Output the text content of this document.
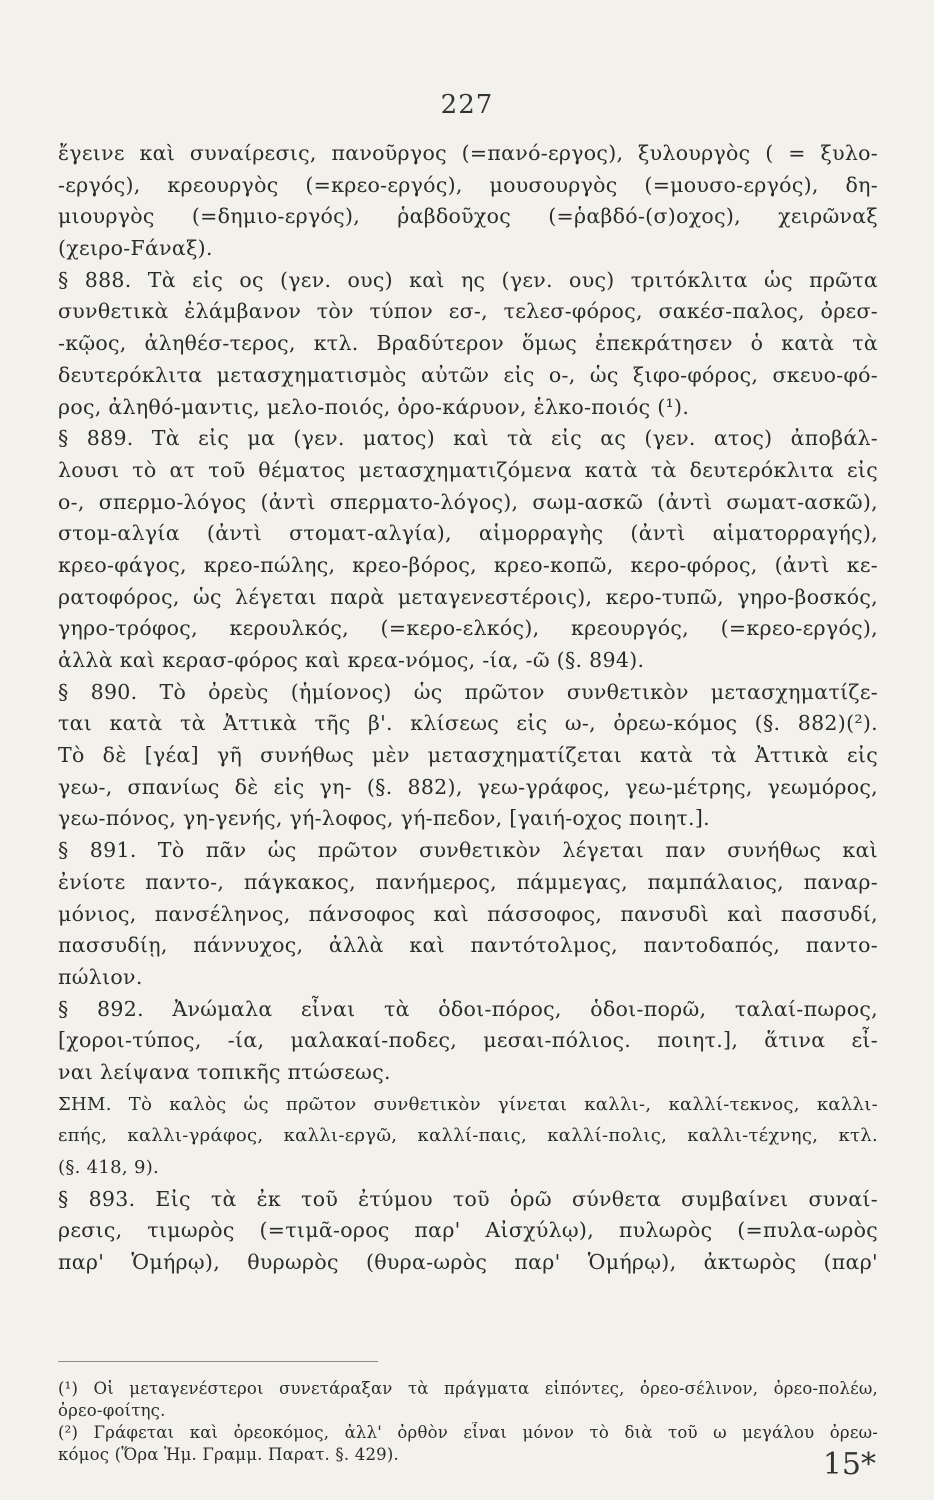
227
ἔγεινε καὶ συναίρεσις, πανοῦργος (=πανό-εργος), ξυλουργὸς ( = ξυλο-
-εργός), κρεουργὸς (=κρεο-εργός), μουσουργὸς (=μουσο-εργός), δη-
μιουργὸς (=δημιο-εργός), ῥαβδοῦχος (=ῥαβδό-(σ)οχος), χειρῶναξ
(χειρο-Fάναξ).
§ 888. Τὰ εἰς ος (γεν. ους) καὶ ης (γεν. ους) τριτόκλιτα ὡς πρῶτα
συνθετικὰ ἐλάμβανον τὸν τύπον εσ-, τελεσ-φόρος, σακέσ-παλος, ὀρεσ-
-κῷος, ἀληθέσ-τερος, κτλ. Βραδύτερον ὅμως ἐπεκράτησεν ὁ κατὰ τὰ
δευτερόκλιτα μετασχηματισμὸς αὐτῶν εἰς ο-, ὡς ξιφο-φόρος, σκευο-φό-
ρος, ἀληθό-μαντις, μελο-ποιός, ὀρο-κάρυον, ἑλκο-ποιός (¹).
§ 889. Τὰ εἰς μα (γεν. ματος) καὶ τὰ εἰς ας (γεν. ατος) ἀποβάλ-
λουσι τὸ ατ τοῦ θέματος μετασχηματιζόμενα κατὰ τὰ δευτερόκλιτα εἰς
ο-, σπερμο-λόγος (ἀντὶ σπερματο-λόγος), σωμ-ασκῶ (ἀντὶ σωματ-ασκῶ),
στομ-αλγία (ἀντὶ στοματ-αλγία), αἱμορραγὴς (ἀντὶ αἱματορραγής),
κρεο-φάγος, κρεο-πώλης, κρεο-βόρος, κρεο-κοπῶ, κερο-φόρος, (ἀντὶ κε-
ρατοφόρος, ὡς λέγεται παρὰ μεταγενεστέροις), κερο-τυπῶ, γηρο-βοσκός,
γηρο-τρόφος, κερουλκός, (=κερο-ελκός), κρεουργός, (=κρεο-εργός),
ἀλλὰ καὶ κερασ-φόρος καὶ κρεα-νόμος, -ία, -ῶ (§. 894).
§ 890. Τὸ ὀρεὺς (ἡμίονος) ὡς πρῶτον συνθετικὸν μετασχηματίζε-
ται κατὰ τὰ Ἀττικὰ τῆς β'. κλίσεως εἰς ω-, ὀρεω-κόμος (§. 882)(²).
Τὸ δὲ [γέα] γῆ συνήθως μὲν μετασχηματίζεται κατὰ τὰ Ἀττικὰ εἰς
γεω-, σπανίως δὲ εἰς γη- (§. 882), γεω-γράφος, γεω-μέτρης, γεωμόρος,
γεω-πόνος, γη-γενής, γή-λοφος, γή-πεδον, [γαιή-οχος ποιητ.].
§ 891. Τὸ πᾶν ὡς πρῶτον συνθετικὸν λέγεται παν συνήθως καὶ
ἐνίοτε παντο-, πάγκακος, πανήμερος, πάμμεγας, παμπάλαιος, παναρ-
μόνιος, πανσέληνος, πάνσοφος καὶ πάσσοφος, πανσυδὶ καὶ πασσυδί,
πασσυδίῃ, πάννυχος, ἀλλὰ καὶ παντότολμος, παντοδαπός, παντο-
πώλιον.
§ 892. Ἀνώμαλα εἶναι τὰ ὁδοι-πόρος, ὁδοι-πορῶ, ταλαί-πωρος,
[χοροι-τύπος, -ία, μαλακαί-ποδες, μεσαι-πόλιος. ποιητ.], ἅτινα εἶ-
ναι λείψανα τοπικῆς πτώσεως.
ΣΗΜ. Τὸ καλὸς ὡς πρῶτον συνθετικὸν γίνεται καλλι-, καλλί-τεκνος, καλλι-
επής, καλλι-γράφος, καλλι-εργῶ, καλλί-παις, καλλί-πολις, καλλι-τέχνης, κτλ.
(§. 418, 9).
§ 893. Εἰς τὰ ἐκ τοῦ ἐτύμου τοῦ ὁρῶ σύνθετα συμβαίνει συναί-
ρεσις, τιμωρὸς (=τιμᾶ-ορος παρ' Αἰσχύλῳ), πυλωρὸς (=πυλα-ωρὸς
παρ' Ὁμήρῳ), θυρωρὸς (θυρα-ωρὸς παρ' Ὁμήρῳ), ἀκτωρὸς (παρ'
(¹) Οἱ μεταγενέστεροι συνετάραξαν τὰ πράγματα εἰπόντες, ὀρεο-σέλινον, ὀρεο-πολέω,
ὀρεο-φοίτης.
(²) Γράφεται καὶ ὀρεοκόμος, ἀλλ' ὀρθὸν εἶναι μόνον τὸ διὰ τοῦ ω μεγάλου ὀρεω-
κόμος (Ὅρα Ἡμ. Γραμμ. Παρατ. §. 429).	15*
